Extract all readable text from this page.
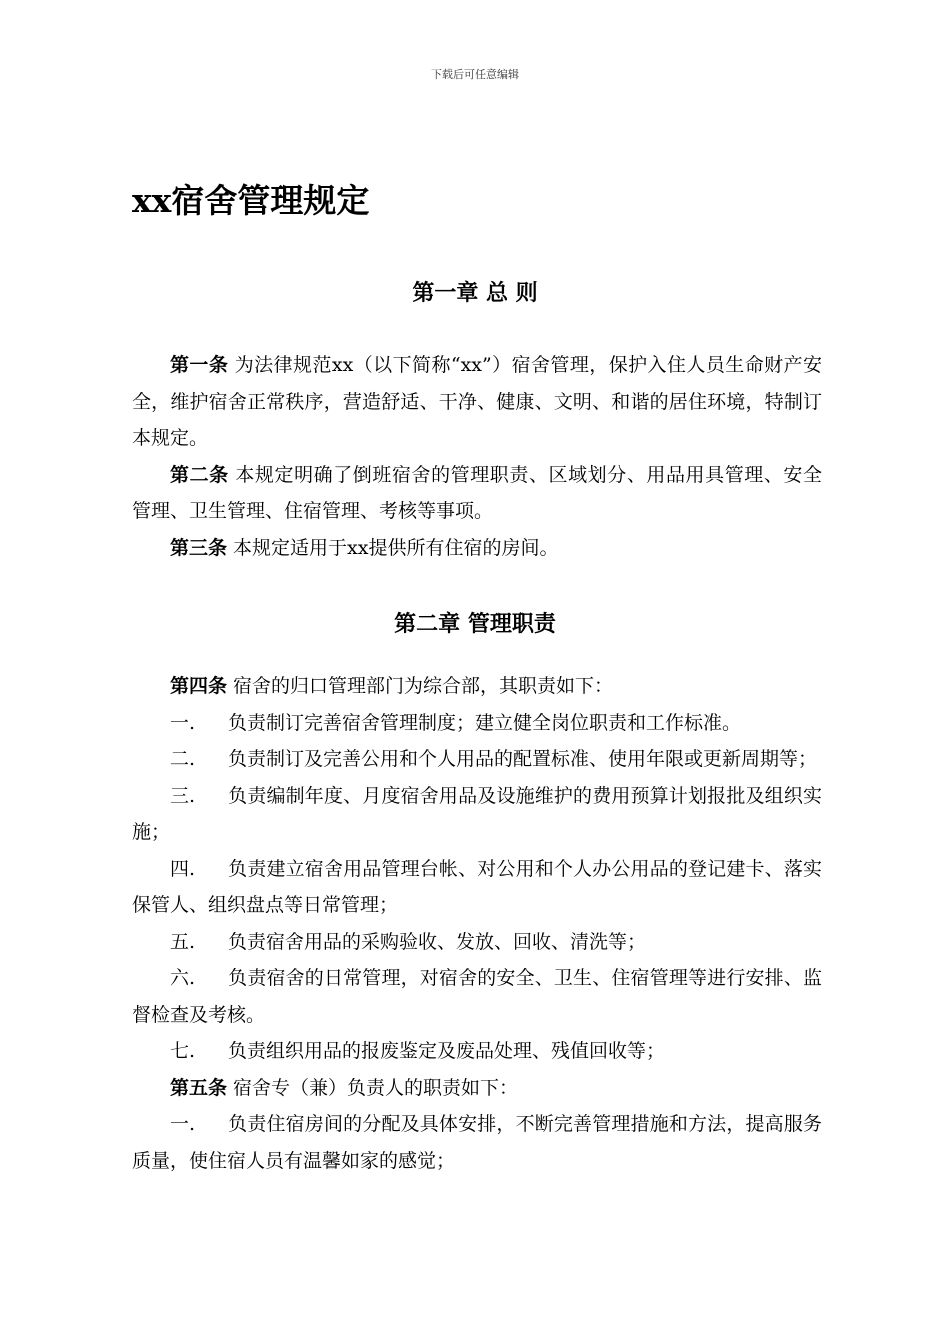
下载后可任意编辑
xx宿舍管理规定
第一章 总 则

第一条 为法律规范xx（以下简称“xx”）宿舍管理，保护入住人员生命财产安全，维护宿舍正常秩序，营造舒适、干净、健康、文明、和谐的居住环境，特制订本规定。

第二条 本规定明确了倒班宿舍的管理职责、区域划分、用品用具管理、安全管理、卫生管理、住宿管理、考核等事项。

第三条 本规定适用于xx提供所有住宿的房间。

第二章 管理职责

第四条 宿舍的归口管理部门为综合部，其职责如下：

一. 负责制订完善宿舍管理制度；建立健全岗位职责和工作标准。

二. 负责制订及完善公用和个人用品的配置标准、使用年限或更新周期等；

三. 负责编制年度、月度宿舍用品及设施维护的费用预算计划报批及组织实施；

四. 负责建立宿舍用品管理台帐、对公用和个人办公用品的登记建卡、落实保管人、组织盘点等日常管理；

五. 负责宿舍用品的采购验收、发放、回收、清洗等；

六. 负责宿舍的日常管理，对宿舍的安全、卫生、住宿管理等进行安排、监督检查及考核。

七. 负责组织用品的报废鉴定及废品处理、残值回收等；

第五条 宿舍专（兼）负责人的职责如下：

一. 负责住宿房间的分配及具体安排，不断完善管理措施和方法，提高服务质量，使住宿人员有温馨如家的感觉；
